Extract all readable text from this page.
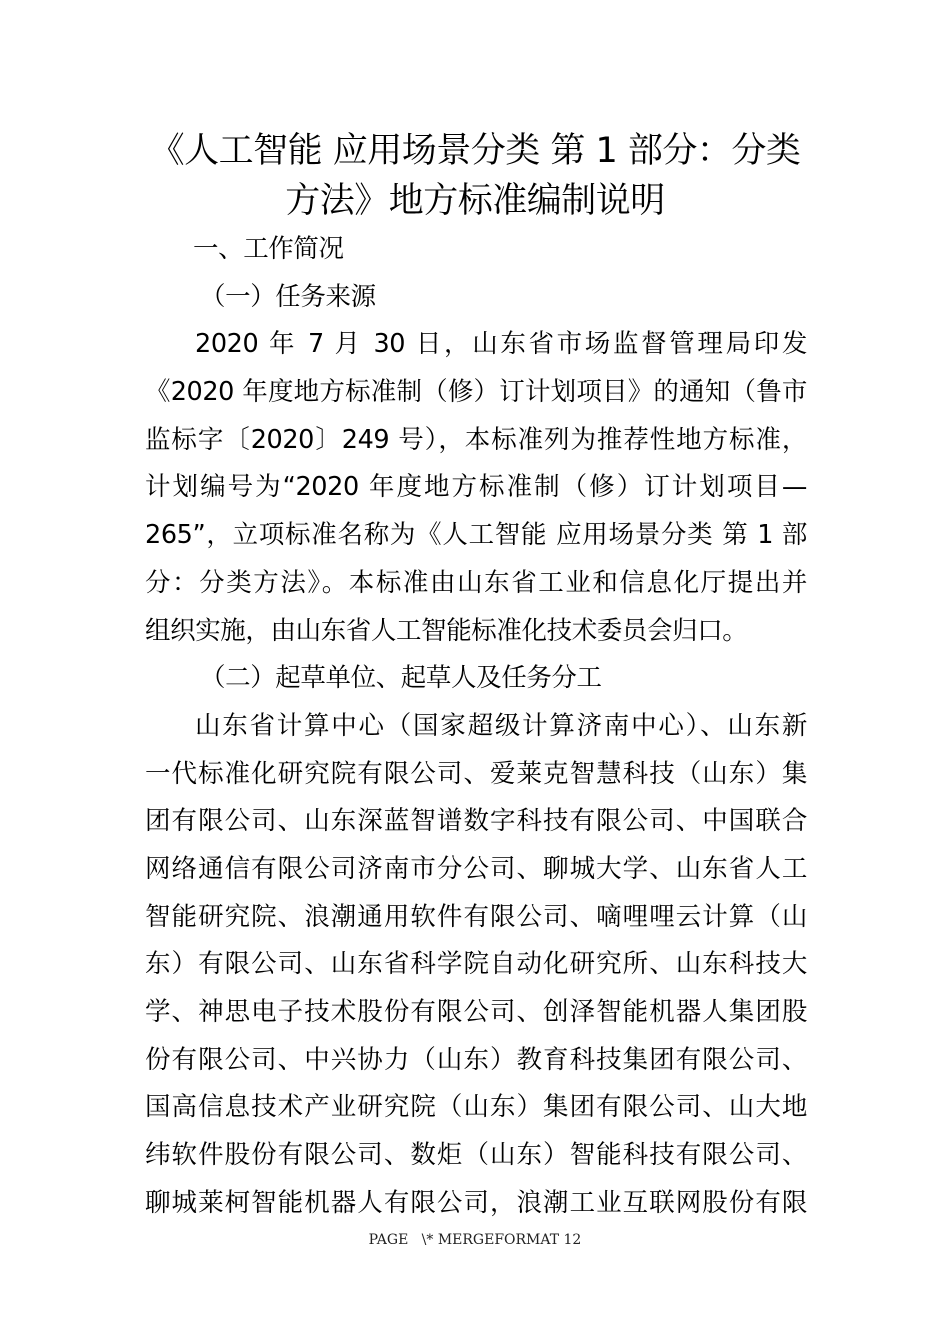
《人工智能 应用场景分类 第 1 部分：分类
方法》地方标准编制说明
一、工作简况
（一）任务来源
2020 年 7 月 30 日，山东省市场监督管理局印发
《2020 年度地方标准制（修）订计划项目》的通知（鲁市
监标字〔2020〕249 号），本标准列为推荐性地方标准，
计划编号为“2020 年度地方标准制（修）订计划项目—
265”，立项标准名称为《人工智能 应用场景分类 第 1 部
分：分类方法》。本标准由山东省工业和信息化厅提出并
组织实施，由山东省人工智能标准化技术委员会归口。
（二）起草单位、起草人及任务分工
山东省计算中心（国家超级计算济南中心）、山东新
一代标准化研究院有限公司、爱莱克智慧科技（山东）集
团有限公司、山东深蓝智谱数字科技有限公司、中国联合
网络通信有限公司济南市分公司、聊城大学、山东省人工
智能研究院、浪潮通用软件有限公司、嘀哩哩云计算（山
东）有限公司、山东省科学院自动化研究所、山东科技大
学、神思电子技术股份有限公司、创泽智能机器人集团股
份有限公司、中兴协力（山东）教育科技集团有限公司、
国高信息技术产业研究院（山东）集团有限公司、山大地
纬软件股份有限公司、数炬（山东）智能科技有限公司、
聊城莱柯智能机器人有限公司，浪潮工业互联网股份有限
PAGE   \* MERGEFORMAT 12
